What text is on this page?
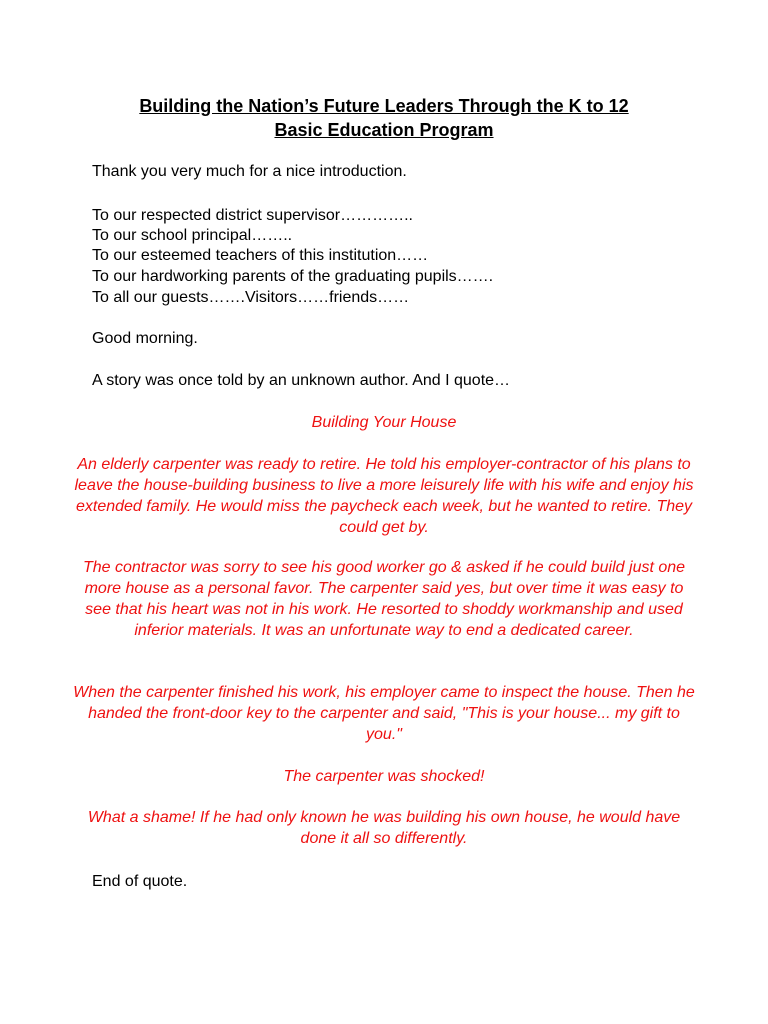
Building the Nation’s Future Leaders Through the K to 12
Basic Education Program
Thank you very much for a nice introduction.
To our respected district supervisor…………..
To our school principal……..
To our esteemed teachers of this institution……
To our hardworking parents of the graduating pupils…….
To all our guests…….Visitors……friends……
Good morning.
A story was once told by an unknown author. And I quote…
Building Your House
An elderly carpenter was ready to retire. He told his employer-contractor of his plans to leave the house-building business to live a more leisurely life with his wife and enjoy his extended family. He would miss the paycheck each week, but he wanted to retire. They could get by.
The contractor was sorry to see his good worker go & asked if he could build just one more house as a personal favor. The carpenter said yes, but over time it was easy to see that his heart was not in his work. He resorted to shoddy workmanship and used inferior materials. It was an unfortunate way to end a dedicated career.
When the carpenter finished his work, his employer came to inspect the house. Then he handed the front-door key to the carpenter and said, "This is your house... my gift to you."
The carpenter was shocked!
What a shame! If he had only known he was building his own house, he would have done it all so differently.
End of quote.
